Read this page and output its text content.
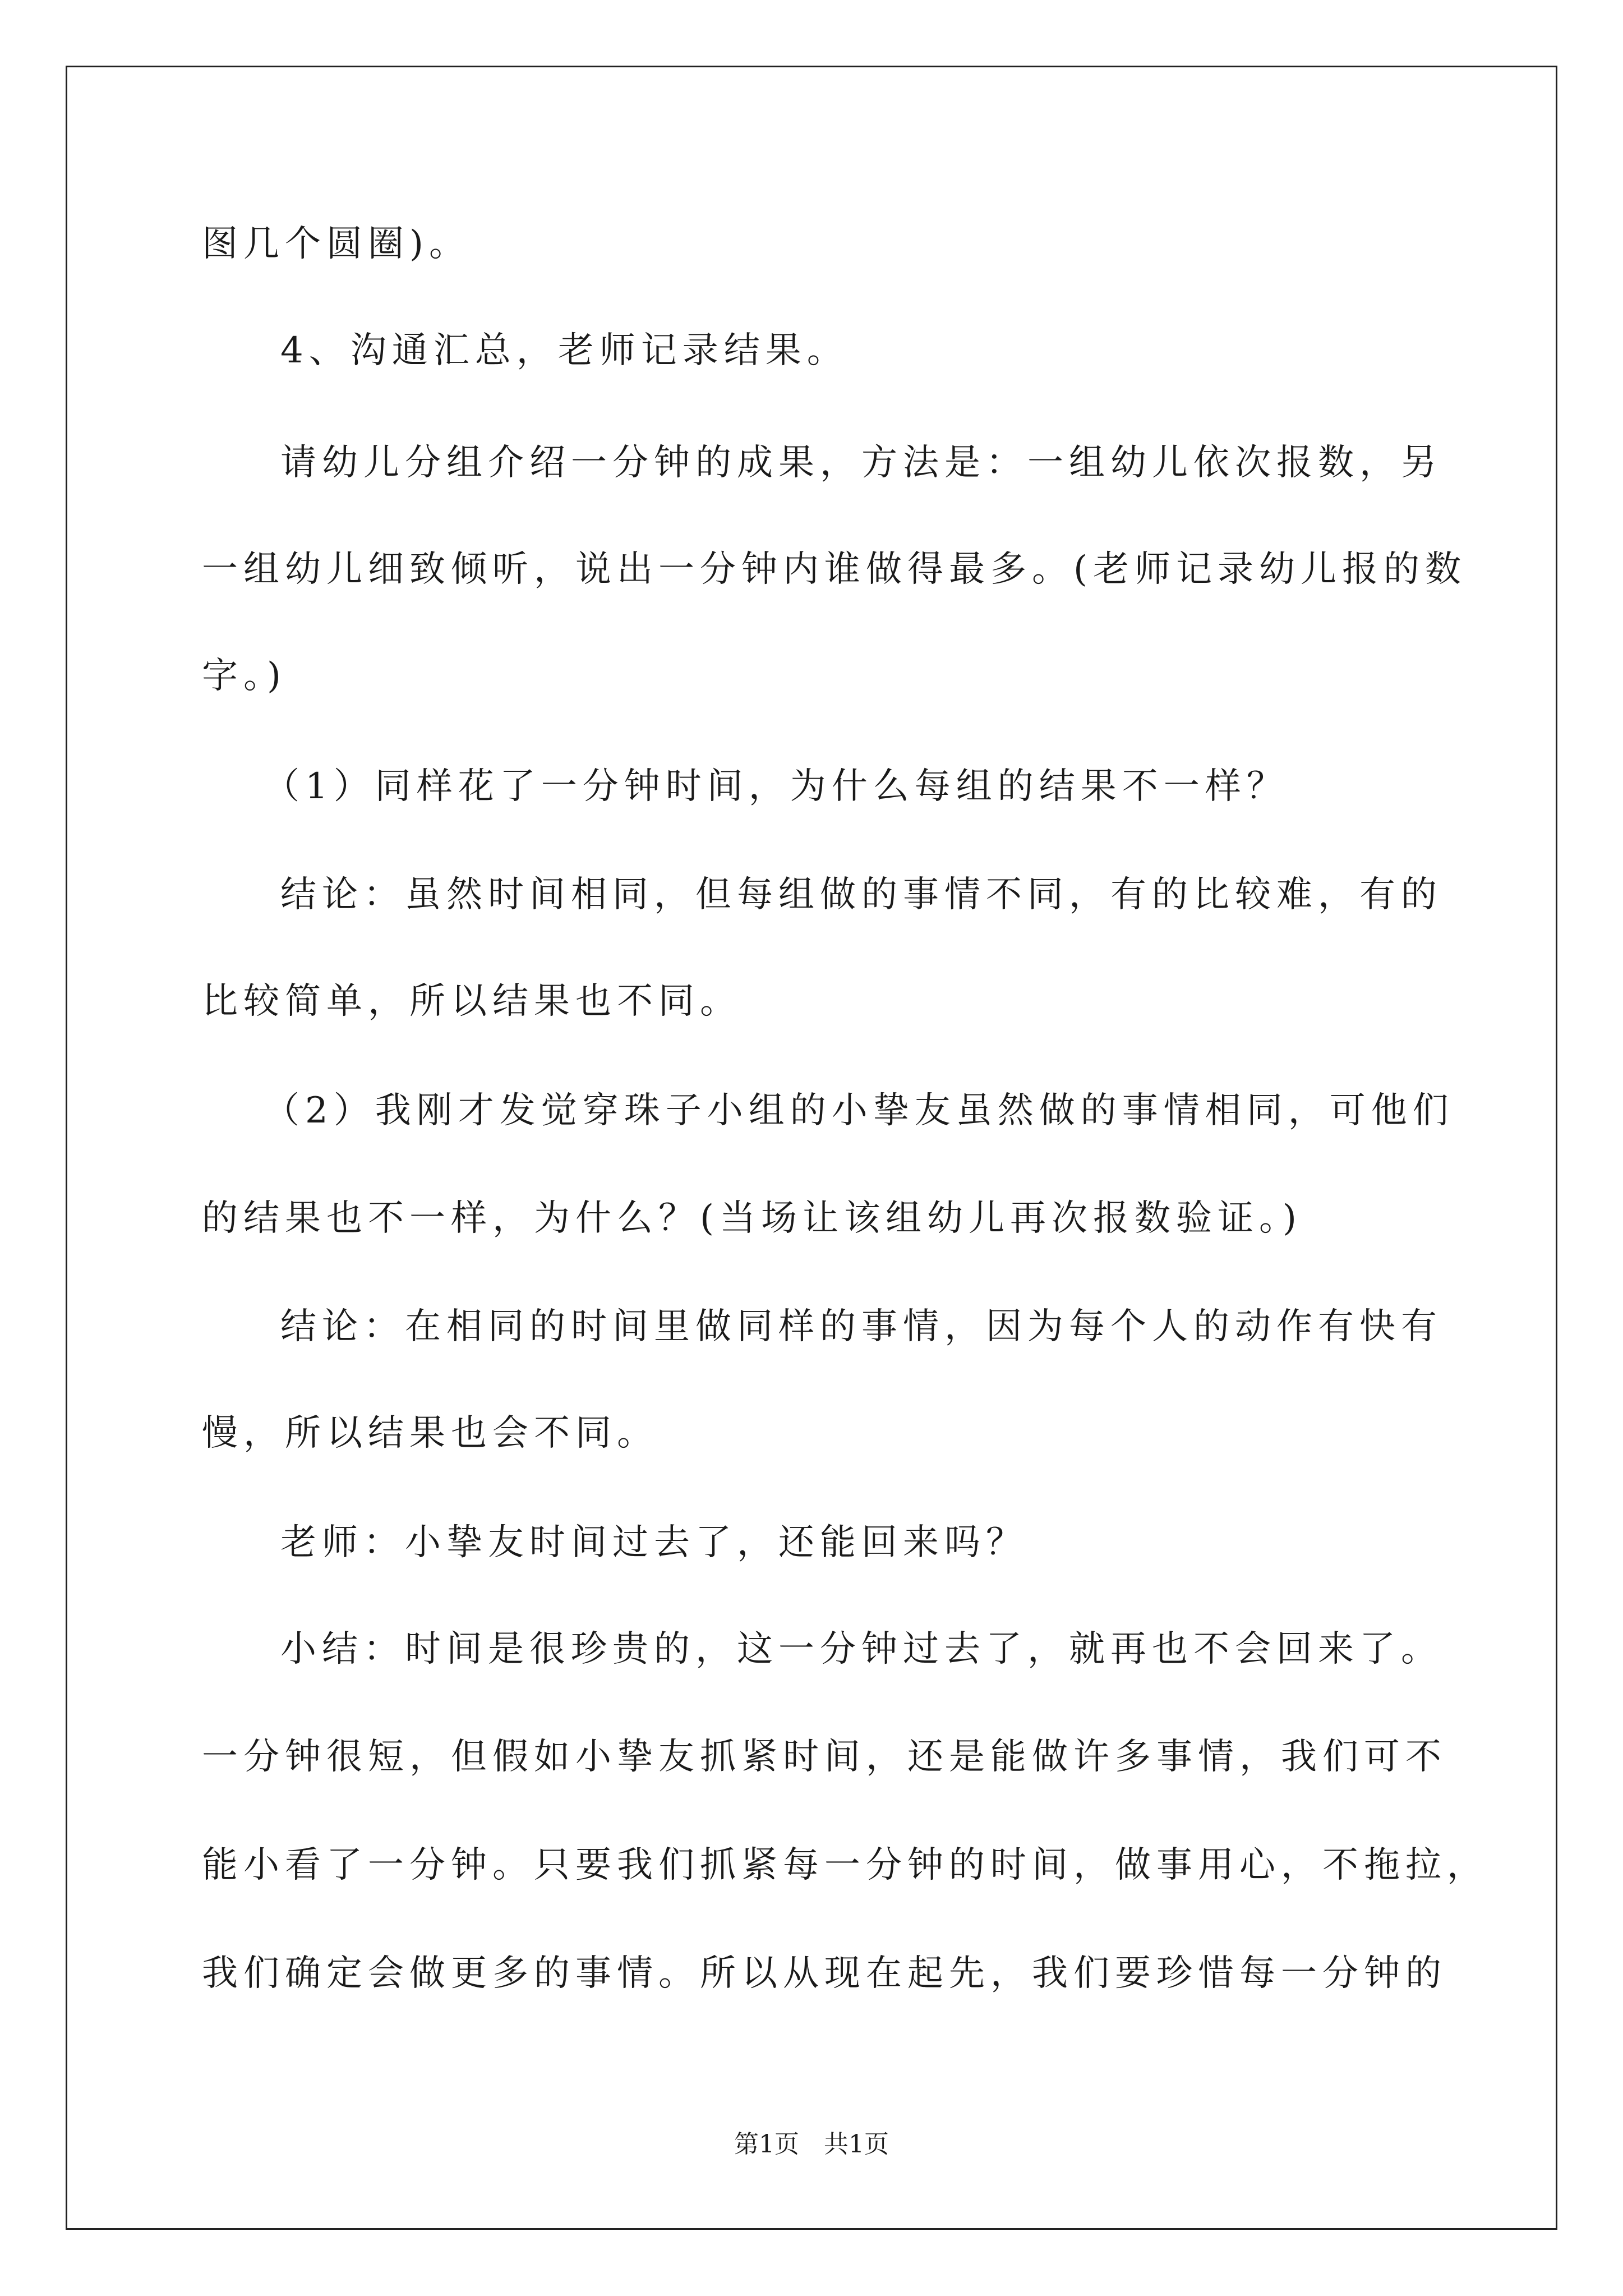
图几个圆圈)。
4、沟通汇总，老师记录结果。
请幼儿分组介绍一分钟的成果，方法是：一组幼儿依次报数，另
一组幼儿细致倾听，说出一分钟内谁做得最多。(老师记录幼儿报的数
字。)
（1）同样花了一分钟时间，为什么每组的结果不一样？
结论：虽然时间相同，但每组做的事情不同，有的比较难，有的
比较简单，所以结果也不同。
（2）我刚才发觉穿珠子小组的小挚友虽然做的事情相同，可他们
的结果也不一样，为什么？(当场让该组幼儿再次报数验证。)
结论：在相同的时间里做同样的事情，因为每个人的动作有快有
慢，所以结果也会不同。
老师：小挚友时间过去了，还能回来吗？
小结：时间是很珍贵的，这一分钟过去了，就再也不会回来了。
一分钟很短，但假如小挚友抓紧时间，还是能做许多事情，我们可不
能小看了一分钟。只要我们抓紧每一分钟的时间，做事用心，不拖拉，
我们确定会做更多的事情。所以从现在起先，我们要珍惜每一分钟的
第1页　共1页
